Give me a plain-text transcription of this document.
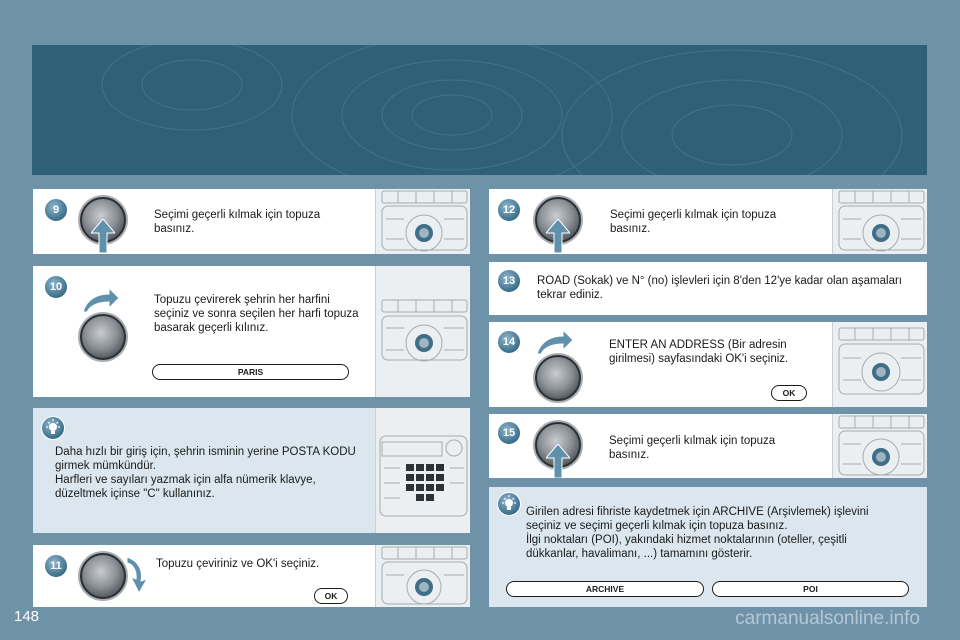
9	Seçimi geçerli kılmak için topuza basınız.
10
Topuzu çevirerek şehrin her harfini seçiniz ve sonra seçilen her harfi topuza basarak geçerli kılınız.
PARIS
Daha hızlı bir giriş için, şehrin isminin yerine POSTA KODU girmek mümkündür.
Harfleri ve sayıları yazmak için alfa nümerik klavye, düzeltmek içinse "C" kullanınız.
11	Topuzu çeviriniz ve OK'i seçiniz.
OK
12	Seçimi geçerli kılmak için topuza basınız.
13	ROAD (Sokak) ve N° (no) işlevleri için 8'den 12'ye kadar olan aşamaları tekrar ediniz.
14	ENTER AN ADDRESS (Bir adresin girilmesi) sayfasındaki OK'i seçiniz.
OK
15
Seçimi geçerli kılmak için topuza basınız.
Girilen adresi fihriste kaydetmek için ARCHIVE (Arşivlemek) işlevini seçiniz ve seçimi geçerli kılmak için topuza basınız.
İlgi noktaları (POI), yakındaki hizmet noktalarının (oteller, çeşitli dükkanlar, havalimanı, ...) tamamını gösterir.
ARCHIVE	POI
148	carmanualsonline.info
